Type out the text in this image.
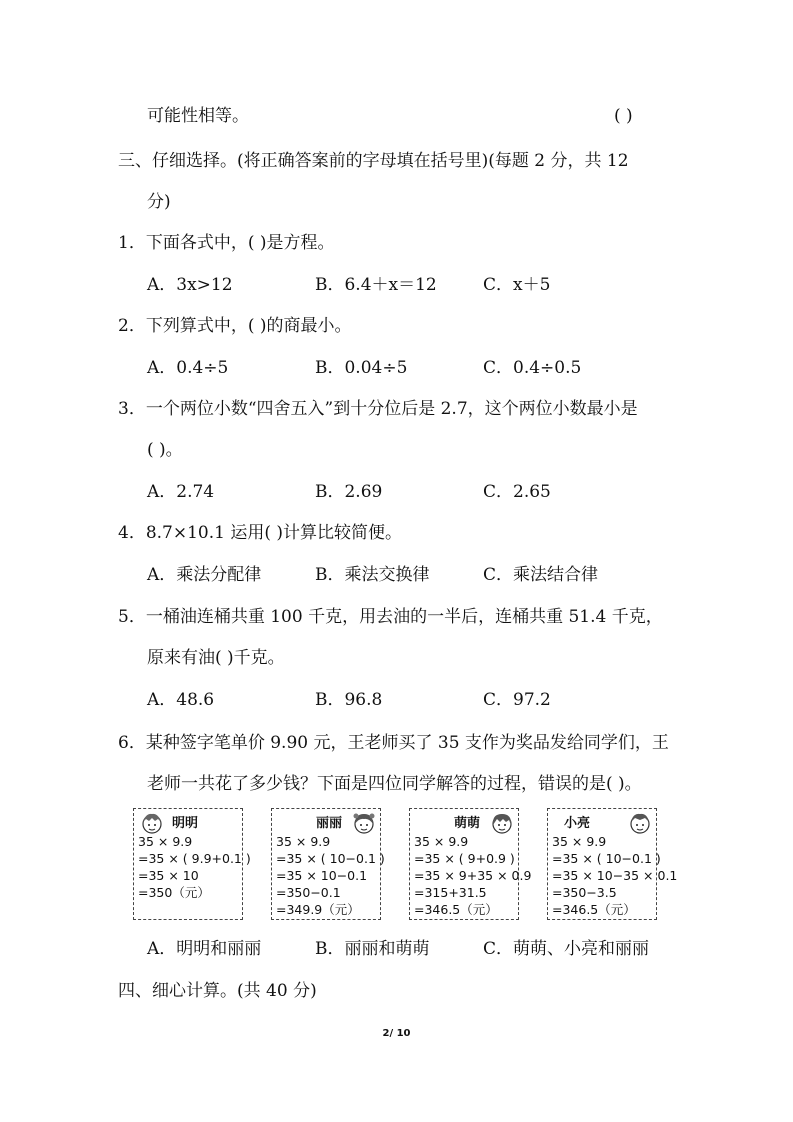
可能性相等。	( )
三、仔细选择。(将正确答案前的字母填在括号里)(每题 2 分，共 12
分)
1．下面各式中，( )是方程。
A．3x>12	B．6.4＋x＝12	C．x＋5
2．下列算式中，( )的商最小。
A．0.4÷5	B．0.04÷5	C．0.4÷0.5
3．一个两位小数“四舍五入”到十分位后是 2.7，这个两位小数最小是
( )。
A．2.74	B．2.69	C．2.65
4．8.7×10.1 运用( )计算比较简便。
A．乘法分配律	B．乘法交换律	C．乘法结合律
5．一桶油连桶共重 100 千克，用去油的一半后，连桶共重 51.4 千克，
原来有油( )千克。
A．48.6	B．96.8	C．97.2
6．某种签字笔单价 9.90 元，王老师买了 35 支作为奖品发给同学们，王
老师一共花了多少钱？下面是四位同学解答的过程，错误的是( )。
明明
35 × 9.9
=35 × ( 9.9+0.1 )
=35 × 10
=350（元）
丽丽
35 × 9.9
=35 × ( 10−0.1 )
=35 × 10−0.1
=350−0.1
=349.9（元）
萌萌
35 × 9.9
=35 × ( 9+0.9 )
=35 × 9+35 × 0.9
=315+31.5
=346.5（元）
小亮
35 × 9.9
=35 × ( 10−0.1 )
=35 × 10−35 × 0.1
=350−3.5
=346.5（元）
A．明明和丽丽	B．丽丽和萌萌	C．萌萌、小亮和丽丽
四、细心计算。(共 40 分)
2/ 10
